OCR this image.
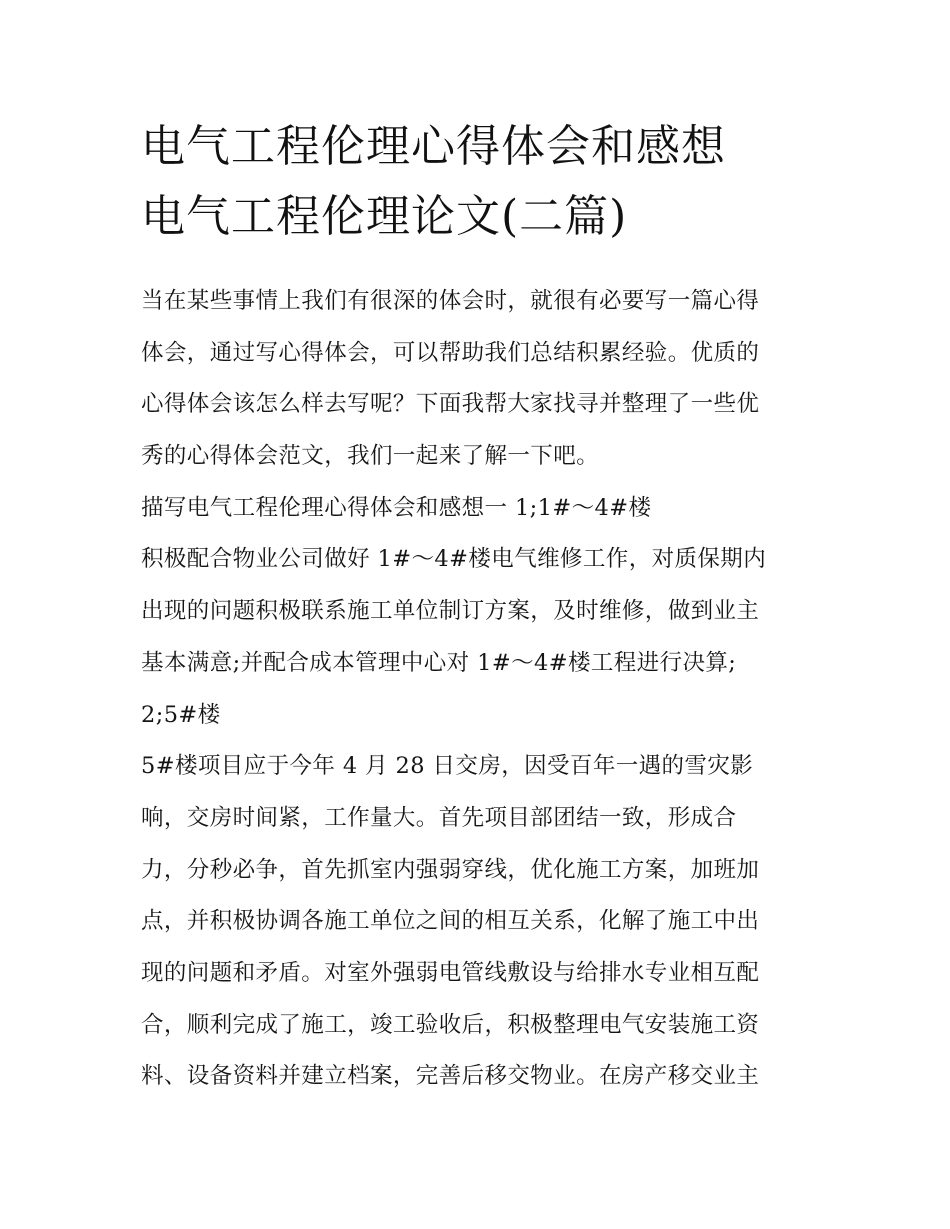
电气工程伦理心得体会和感想
电气工程伦理论文(二篇)
当在某些事情上我们有很深的体会时，就很有必要写一篇心得
体会，通过写心得体会，可以帮助我们总结积累经验。优质的
心得体会该怎么样去写呢？下面我帮大家找寻并整理了一些优
秀的心得体会范文，我们一起来了解一下吧。
描写电气工程伦理心得体会和感想一 1;1#～4#楼
积极配合物业公司做好 1#～4#楼电气维修工作，对质保期内
出现的问题积极联系施工单位制订方案，及时维修，做到业主
基本满意;并配合成本管理中心对 1#～4#楼工程进行决算;
2;5#楼
5#楼项目应于今年 4 月 28 日交房，因受百年一遇的雪灾影
响，交房时间紧，工作量大。首先项目部团结一致，形成合
力，分秒必争，首先抓室内强弱穿线，优化施工方案，加班加
点，并积极协调各施工单位之间的相互关系，化解了施工中出
现的问题和矛盾。对室外强弱电管线敷设与给排水专业相互配
合，顺利完成了施工，竣工验收后，积极整理电气安装施工资
料、设备资料并建立档案，完善后移交物业。在房产移交业主
